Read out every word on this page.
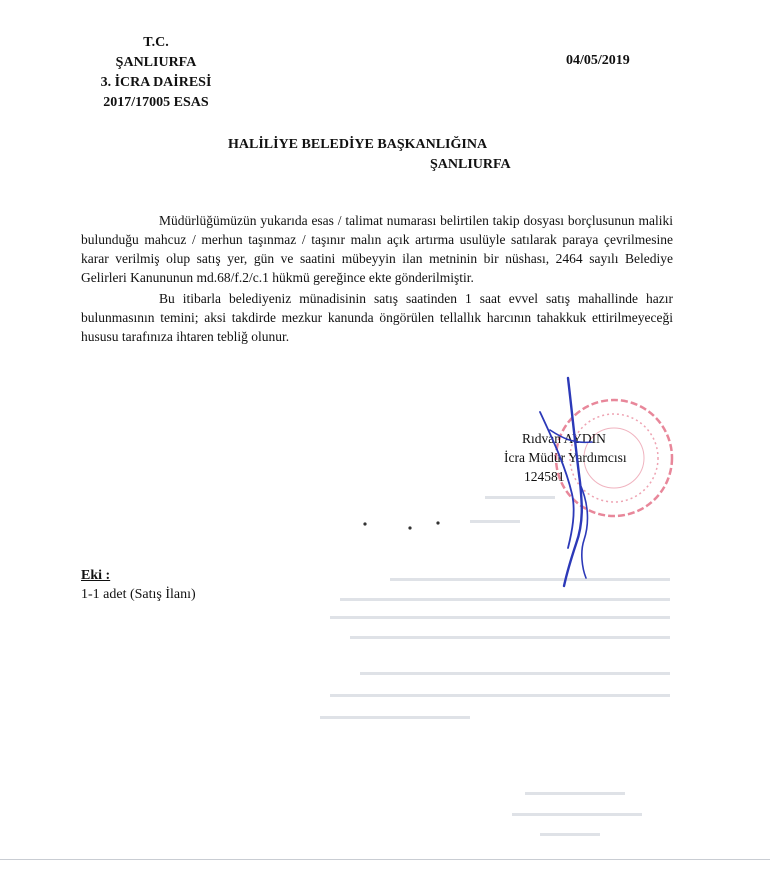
T.C.
ŞANLIURFA
3. İCRA DAİRESİ
2017/17005 ESAS
04/05/2019
HALİLİYE BELEDİYE BAŞKANLIĞINA
ŞANLIURFA

Müdürlüğümüzün yukarıda esas / talimat numarası belirtilen takip dosyası borçlusunun maliki bulunduğu mahcuz / merhun taşınmaz / taşınır malın açık artırma usulüyle satılarak paraya çevrilmesine karar verilmiş olup satış yer, gün ve saatini mübeyyin ilan metninin bir nüshası, 2464 sayılı Belediye Gelirleri Kanununun md.68/f.2/c.1 hükmü gereğince ekte gönderilmiştir.

Bu itibarla belediyeniz münadisinin satış saatinden 1 saat evvel satış mahallinde hazır bulunmasının temini; aksi takdirde mezkur kanunda öngörülen tellallık harcının tahakkuk ettirilmeyeceği hususu tarafınıza ihtaren tebliğ olunur.

Rıdvan AYDIN
İcra Müdür Yardımcısı
124581
Eki :
1-1 adet (Satış İlanı)
